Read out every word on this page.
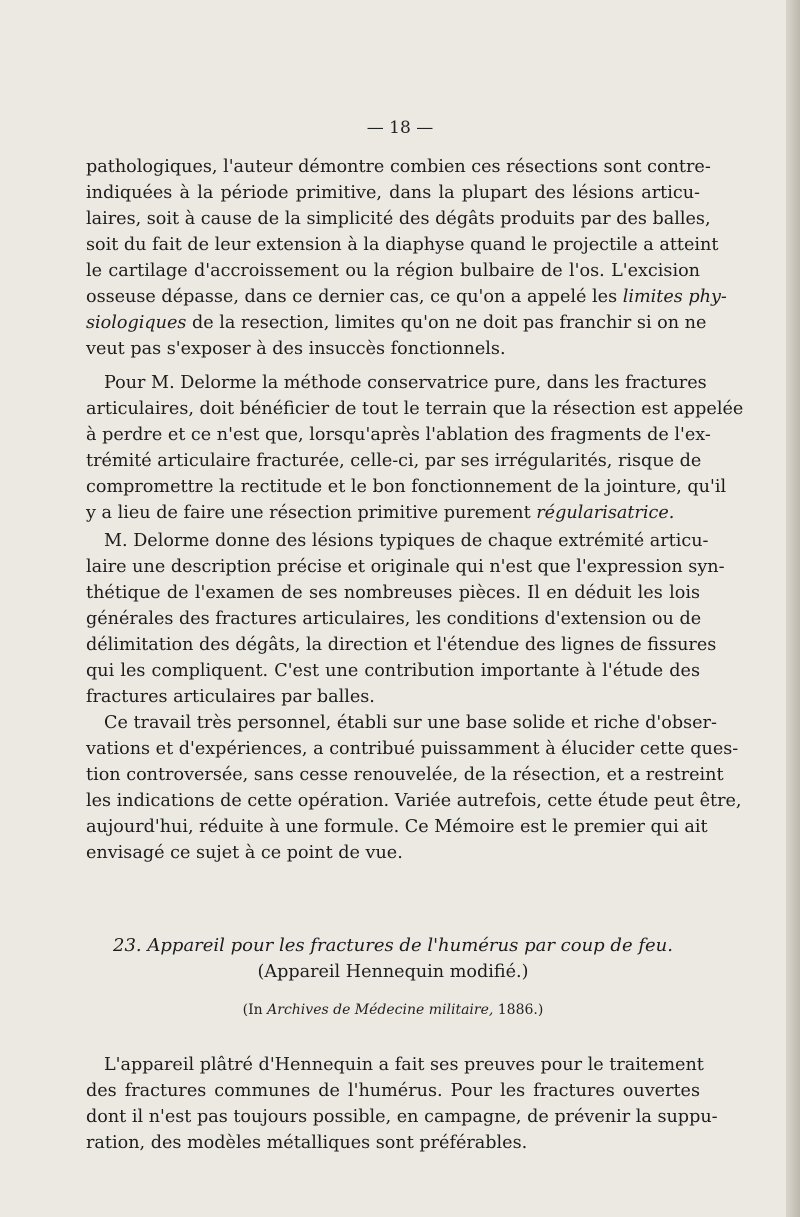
— 18 —
pathologiques, l'auteur démontre combien ces résections sont contre-
indiquées à la période primitive, dans la plupart des lésions articu-
laires, soit à cause de la simplicité des dégâts produits par des balles,
soit du fait de leur extension à la diaphyse quand le projectile a atteint
le cartilage d'accroissement ou la région bulbaire de l'os. L'excision
osseuse dépasse, dans ce dernier cas, ce qu'on a appelé les limites phy-
siologiques de la resection, limites qu'on ne doit pas franchir si on ne
veut pas s'exposer à des insuccès fonctionnels.
Pour M. Delorme la méthode conservatrice pure, dans les fractures
articulaires, doit bénéficier de tout le terrain que la résection est appelée
à perdre et ce n'est que, lorsqu'après l'ablation des fragments de l'ex-
trémité articulaire fracturée, celle-ci, par ses irrégularités, risque de
compromettre la rectitude et le bon fonctionnement de la jointure, qu'il
y a lieu de faire une résection primitive purement régularisatrice.
M. Delorme donne des lésions typiques de chaque extrémité articu-
laire une description précise et originale qui n'est que l'expression syn-
thétique de l'examen de ses nombreuses pièces. Il en déduit les lois
générales des fractures articulaires, les conditions d'extension ou de
délimitation des dégâts, la direction et l'étendue des lignes de fissures
qui les compliquent. C'est une contribution importante à l'étude des
fractures articulaires par balles.
Ce travail très personnel, établi sur une base solide et riche d'obser-
vations et d'expériences, a contribué puissamment à élucider cette ques-
tion controversée, sans cesse renouvelée, de la résection, et a restreint
les indications de cette opération. Variée autrefois, cette étude peut être,
aujourd'hui, réduite à une formule. Ce Mémoire est le premier qui ait
envisagé ce sujet à ce point de vue.
23. Appareil pour les fractures de l'humérus par coup de feu.
(Appareil Hennequin modifié.)
(In Archives de Médecine militaire, 1886.)
L'appareil plâtré d'Hennequin a fait ses preuves pour le traitement
des fractures communes de l'humérus. Pour les fractures ouvertes
dont il n'est pas toujours possible, en campagne, de prévenir la suppu-
ration, des modèles métalliques sont préférables.
